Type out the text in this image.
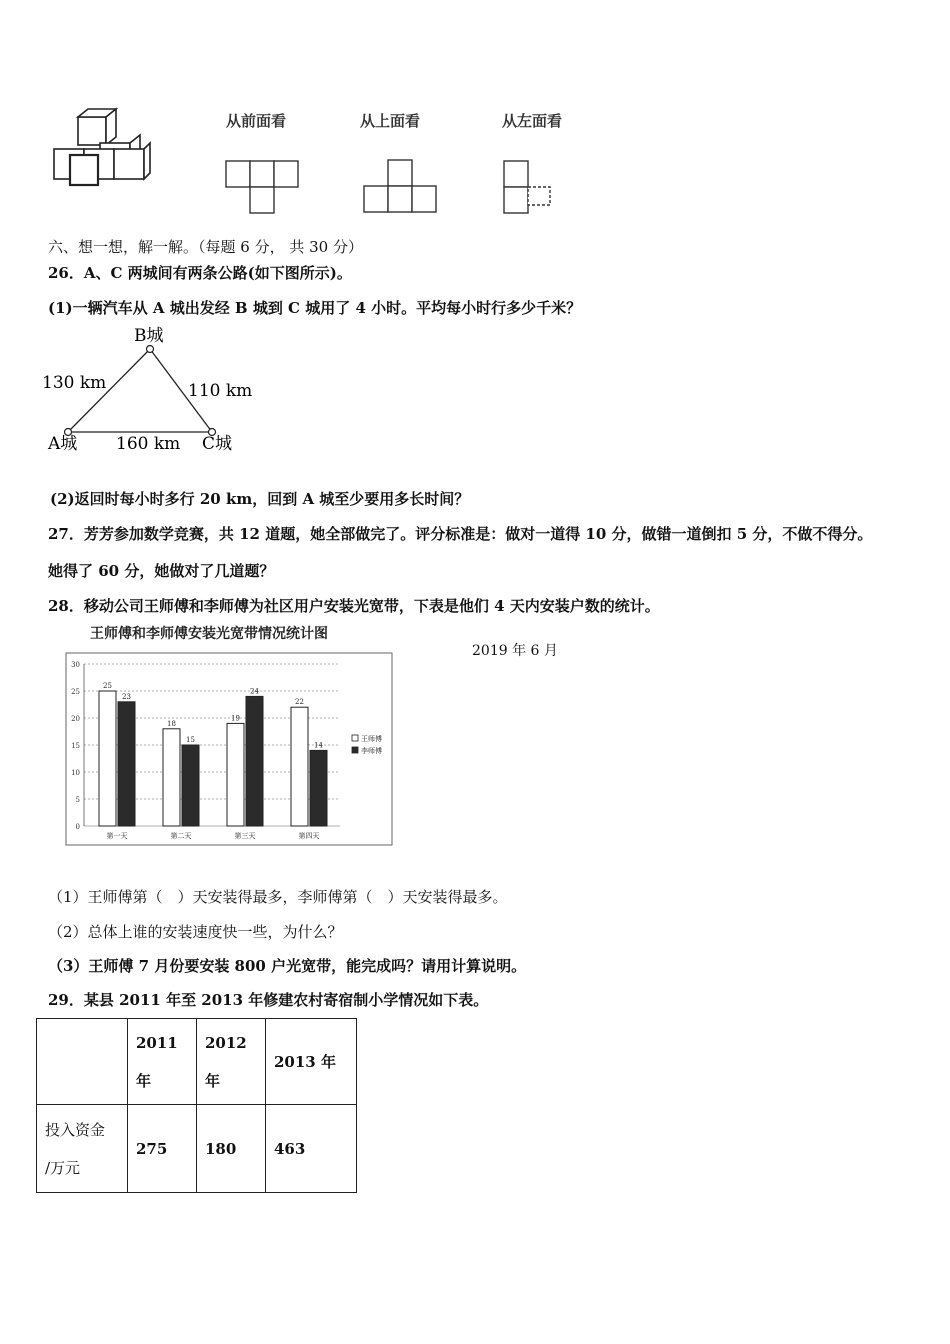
从前面看	从上面看	从左面看
六、想一想，解一解。（每题 6 分， 共 30 分）
26．A、C 两城间有两条公路(如下图所示)。
(1)一辆汽车从 A 城出发经 B 城到 C 城用了 4 小时。平均每小时行多少千米？
B城
A城	C城
130 km	110 km
160 km
(2)返回时每小时多行 20 km，回到 A 城至少要用多长时间？
27．芳芳参加数学竞赛，共 12 道题，她全部做完了。评分标准是：做对一道得 10 分，做错一道倒扣 5 分，不做不得分。
她得了 60 分，她做对了几道题？
28．移动公司王师傅和李师傅为社区用户安装光宽带，下表是他们 4 天内安装户数的统计。
2019 年 6 月
王师傅和李师傅安装光宽带情况统计图
0
5
10
15
20
25
30
25
23
第一天
18
15
第二天
19
24
第三天
22
14
第四天
王师傅
李师傅
（1）王师傅第（　）天安装得最多，李师傅第（　）天安装得最多。
（2）总体上谁的安装速度快一些，为什么？
（3）王师傅 7 月份要安装 800 户光宽带，能完成吗？请用计算说明。
29．某县 2011 年至 2013 年修建农村寄宿制小学情况如下表。
	2011年	2012年	2013 年

投入资金
/万元	275	180	463
